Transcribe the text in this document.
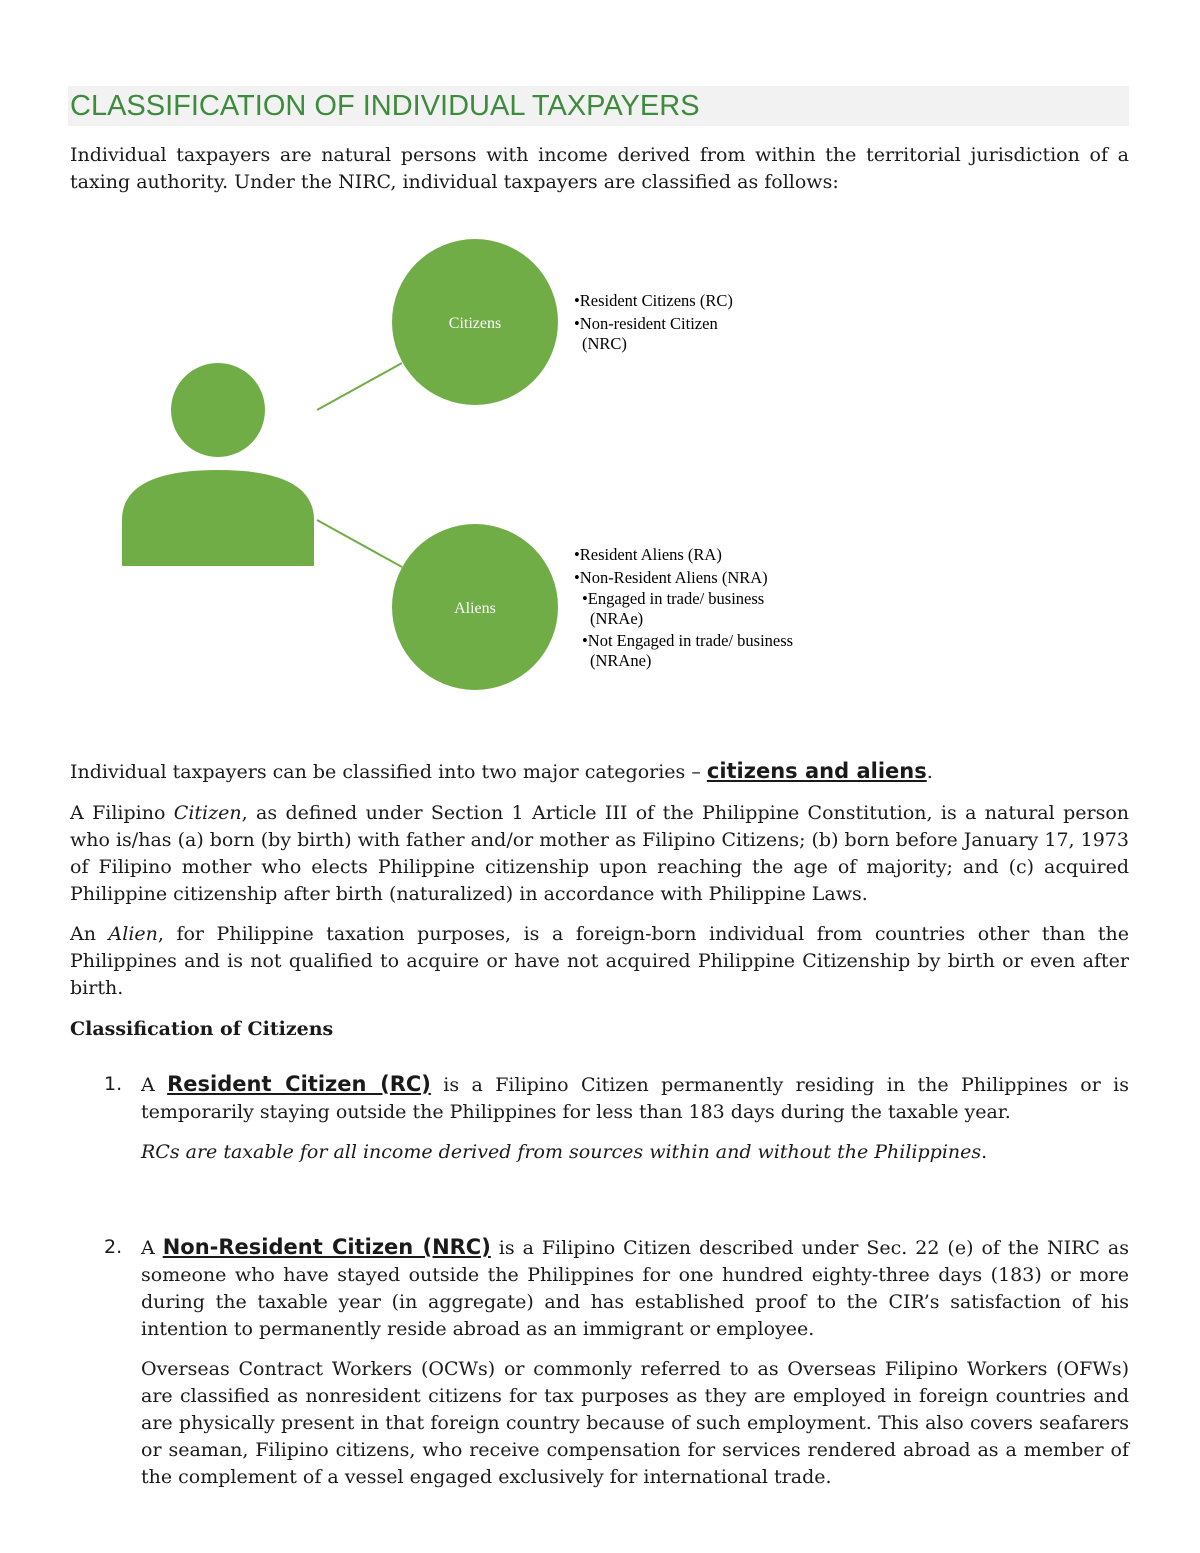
CLASSIFICATION OF INDIVIDUAL TAXPAYERS

Individual taxpayers are natural persons with income derived from within the territorial jurisdiction of a taxing authority. Under the NIRC, individual taxpayers are classified as follows:

Citizens
Aliens
•Resident Citizens (RC)
•Non-resident Citizen
(NRC)
•Resident Aliens (RA)
•Non-Resident Aliens (NRA)
•Engaged in trade/ business
(NRAe)
•Not Engaged in trade/ business
(NRAne)

Individual taxpayers can be classified into two major categories – citizens and aliens.

A Filipino Citizen, as defined under Section 1 Article III of the Philippine Constitution, is a natural person who is/has (a) born (by birth) with father and/or mother as Filipino Citizens; (b) born before January 17, 1973 of Filipino mother who elects Philippine citizenship upon reaching the age of majority; and (c) acquired Philippine citizenship after birth (naturalized) in accordance with Philippine Laws.

An Alien, for Philippine taxation purposes, is a foreign-born individual from countries other than the Philippines and is not qualified to acquire or have not acquired Philippine Citizenship by birth or even after birth.

Classification of Citizens

1. A Resident Citizen (RC) is a Filipino Citizen permanently residing in the Philippines or is temporarily staying outside the Philippines for less than 183 days during the taxable year.

RCs are taxable for all income derived from sources within and without the Philippines.

2. A Non-Resident Citizen (NRC) is a Filipino Citizen described under Sec. 22 (e) of the NIRC as someone who have stayed outside the Philippines for one hundred eighty-three days (183) or more during the taxable year (in aggregate) and has established proof to the CIR’s satisfaction of his intention to permanently reside abroad as an immigrant or employee.

Overseas Contract Workers (OCWs) or commonly referred to as Overseas Filipino Workers (OFWs) are classified as nonresident citizens for tax purposes as they are employed in foreign countries and are physically present in that foreign country because of such employment. This also covers seafarers or seaman, Filipino citizens, who receive compensation for services rendered abroad as a member of the complement of a vessel engaged exclusively for international trade.
